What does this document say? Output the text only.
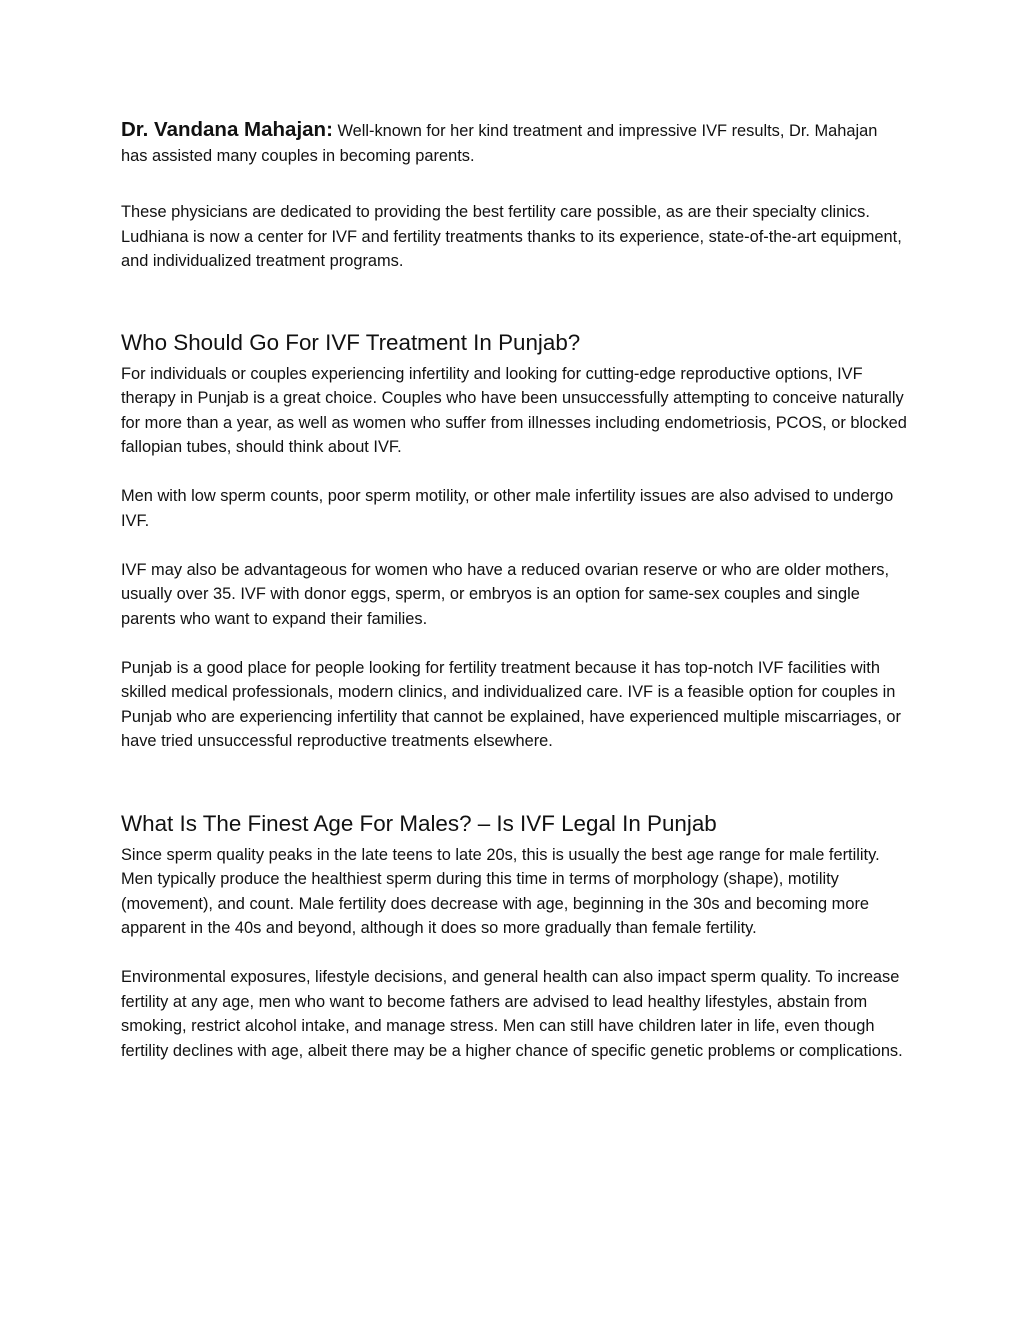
Dr. Vandana Mahajan: Well-known for her kind treatment and impressive IVF results, Dr. Mahajan has assisted many couples in becoming parents.

These physicians are dedicated to providing the best fertility care possible, as are their specialty clinics. Ludhiana is now a center for IVF and fertility treatments thanks to its experience, state-of-the-art equipment, and individualized treatment programs.

Who Should Go For IVF Treatment In Punjab?

For individuals or couples experiencing infertility and looking for cutting-edge reproductive options, IVF therapy in Punjab is a great choice. Couples who have been unsuccessfully attempting to conceive naturally for more than a year, as well as women who suffer from illnesses including endometriosis, PCOS, or blocked fallopian tubes, should think about IVF.

Men with low sperm counts, poor sperm motility, or other male infertility issues are also advised to undergo IVF.

IVF may also be advantageous for women who have a reduced ovarian reserve or who are older mothers, usually over 35. IVF with donor eggs, sperm, or embryos is an option for same-sex couples and single parents who want to expand their families.

Punjab is a good place for people looking for fertility treatment because it has top-notch IVF facilities with skilled medical professionals, modern clinics, and individualized care. IVF is a feasible option for couples in Punjab who are experiencing infertility that cannot be explained, have experienced multiple miscarriages, or have tried unsuccessful reproductive treatments elsewhere.

What Is The Finest Age For Males? – Is IVF Legal In Punjab

Since sperm quality peaks in the late teens to late 20s, this is usually the best age range for male fertility. Men typically produce the healthiest sperm during this time in terms of morphology (shape), motility (movement), and count. Male fertility does decrease with age, beginning in the 30s and becoming more apparent in the 40s and beyond, although it does so more gradually than female fertility.

Environmental exposures, lifestyle decisions, and general health can also impact sperm quality. To increase fertility at any age, men who want to become fathers are advised to lead healthy lifestyles, abstain from smoking, restrict alcohol intake, and manage stress. Men can still have children later in life, even though fertility declines with age, albeit there may be a higher chance of specific genetic problems or complications.
